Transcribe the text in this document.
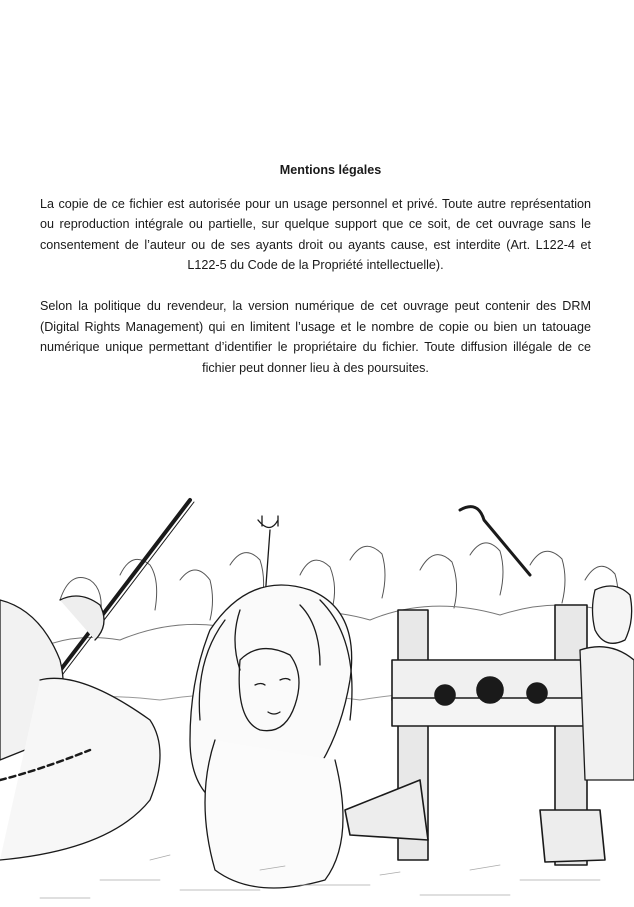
Mentions légales

La copie de ce fichier est autorisée pour un usage personnel et privé. Toute autre représentation ou reproduction intégrale ou partielle, sur quelque support que ce soit, de cet ouvrage sans le consentement de l’auteur ou de ses ayants droit ou ayants cause, est interdite (Art. L122-4 et L122-5 du Code de la Propriété intellectuelle).

Selon la politique du revendeur, la version numérique de cet ouvrage peut contenir des DRM (Digital Rights Management) qui en limitent l’usage et le nombre de copie ou bien un tatouage numérique unique permettant d’identifier le propriétaire du fichier. Toute diffusion illégale de ce fichier peut donner lieu à des poursuites.
